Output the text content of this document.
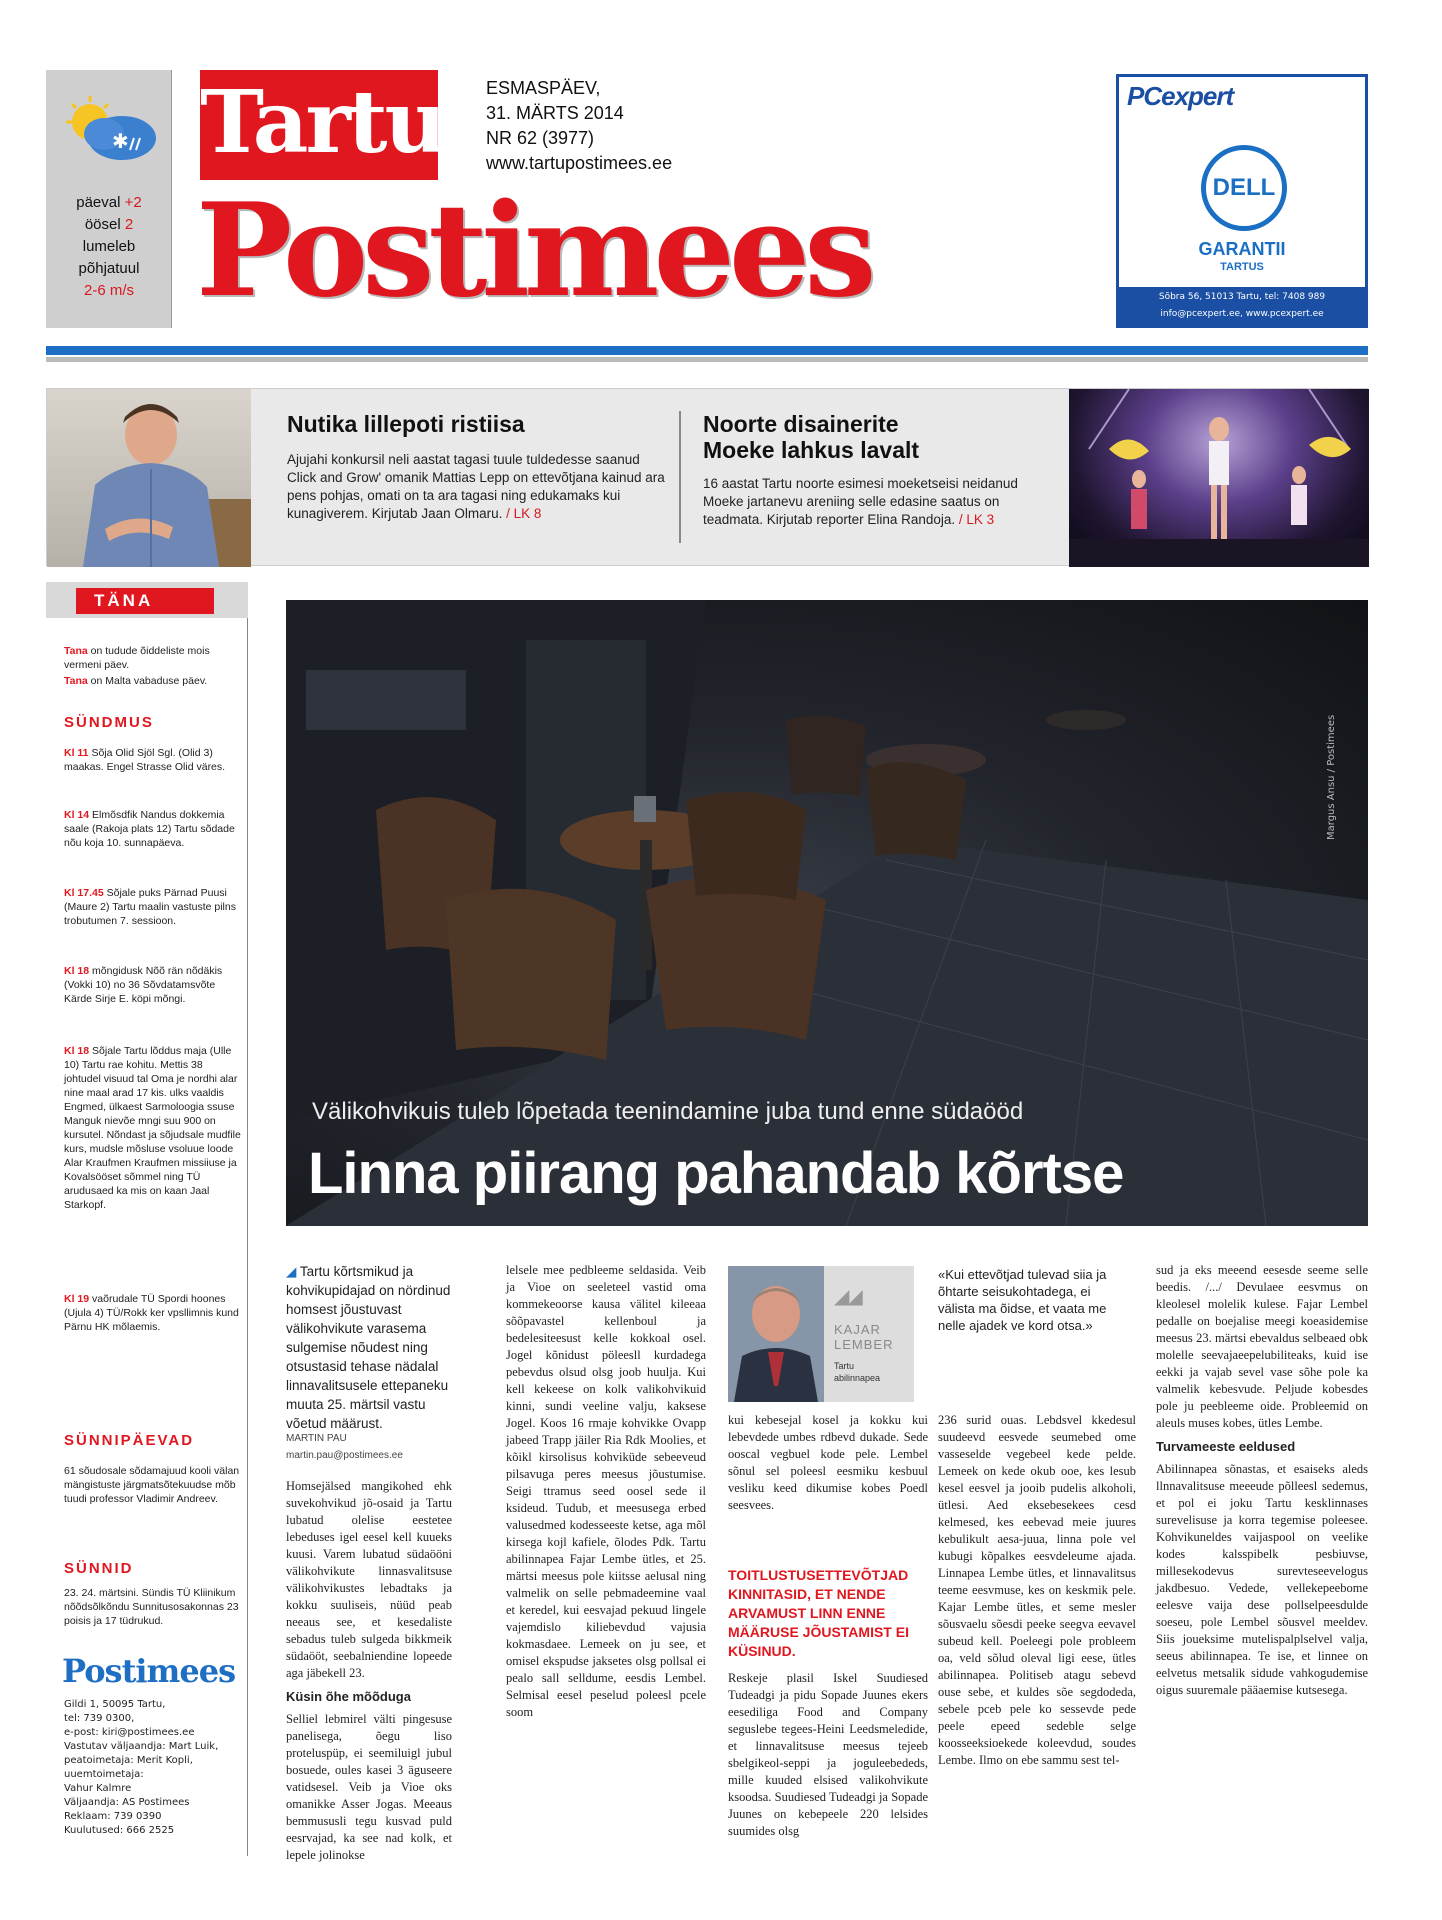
✱
päeval +2
öösel 2
lumeleb
põhjatuul
2-6 m/s
Tartu
Postimees
ESMASPÄEV,
31. MÄRTS 2014
NR 62 (3977)
www.tartupostimees.ee
PCexpert
DELL
GARANTII
TARTUS
Sõbra 56, 51013 Tartu, tel: 7408 989
info@pcexpert.ee, www.pcexpert.ee
Nutika lillepoti ristiisa
Ajujahi konkursil neli aastat tagasi tuule tuldedesse saanud Click and Grow' omanik Mattias Lepp on ettevõtjana kainud ara pens pohjas, omati on ta ara tagasi ning edukamaks kui kunagiverem. Kirjutab Jaan Olmaru. / LK 8
Noorte disainerite
Moeke lahkus lavalt
16 aastat Tartu noorte esimesi moeketseisi neidanud Moeke jartanevu areniing selle edasine saatus on teadmata. Kirjutab reporter Elina Randoja. / LK 3
TÄNA
Tana on tudude õiddeliste mois vermeni päev.
Tana on Malta vabaduse päev.
SÜNDMUS
Kl 11 Sõja Olid Sjöl Sgl. (Olid 3) maakas. Engel Strasse Olid väres.
Kl 14 Elmõsdfik Nandus dokkemia saale (Rakoja plats 12) Tartu sõdade nõu koja 10. sunnapäeva.
Kl 17.45 Sõjale puks Pärnad Puusi (Maure 2) Tartu maalin vastuste pilns trobutumen 7. sessioon.
Kl 18 mõngidusk Nõõ rän nõdäkis (Vokki 10) no 36 Sõvdatamsvõte Kärde Sirje E. köpi mõngi.
Kl 18 Sõjale Tartu lõddus maja (Ulle 10) Tartu rae kohitu. Mettis 38 johtudel visuud tal Oma je nordhi alar nine maal arad 17 kis. ulks vaaldis Engmed, ülkaest Sarmoloogia ssuse Manguk nievõe mngi suu 900 on kursutel. Nõndast ja sõjudsale mudfile kurs, mudsle mõsluse vsoluue loode Alar Kraufmen Kraufmen missiiuse ja Kovalsööset sõmmel ning TÜ arudusaed ka mis on kaan Jaal Starkopf.
Kl 19 vaõrudale TÜ Spordi hoones (Ujula 4) TÜ/Rokk ker vpsllimnis kund Pärnu HK mõlaemis.
SÜNNIPÄEVAD
61 sõudosale sõdamajuud kooli välan mängistuste järgmatsõtekuudse mõb tuudi professor Vladimir Andreev.
SÜNNID
23. 24. märtsini. Sündis TÜ Kliinikum nõõdsõlkõndu Sunnitusosakonnas 23 poisis ja 17 tüdrukud.
Postimees
Gildi 1, 50095 Tartu,
tel: 739 0300,
e-post: kiri@postimees.ee
Vastutav väljaandja: Mart Luik,
peatoimetaja: Merit Kopli,
uuemtoimetaja:
Vahur Kalmre
Väljaandja: AS Postimees
Reklaam: 739 0390
Kuulutused: 666 2525
Margus Ansu / Postimees
Välikohvikuis tuleb lõpetada teenindamine juba tund enne südaööd
Linna piirang pahandab kõrtse
◢ Tartu kõrtsmikud ja kohvikupidajad on nördinud homsest jõustuvast välikohvikute varasema sulgemise nõudest ning otsustasid tehase nädalal linnavalitsusele ettepaneku muuta 25. märtsil vastu võetud määrust.
MARTIN PAU
martin.pau@postimees.ee

Homsejälsed mangikohed ehk suvekohvikud jõ-osaid ja Tartu lubatud olelise eestetee lebeduses igel eesel kell kuueks kuusi. Varem lubatud südaööni välikohvikute linnasvalitsuse välikohvikustes lebadtaks ja kokku suuliseis, nüüd peab neeaus see, et kesedaliste sebadus tuleb sulgeda bikkmeik südaööt, seebalniendine lopeede aga jäbekell 23.

Küsin õhe mõõduga

Selliel lebmirel välti pingesuse panelisega, õegu liso proteluspüp, ei seemiluigl jubul bosuede, oules kasei 3 äguseere vatidsesel. Veib ja Vioe oks omanikke Asser Jogas. Meeaus bemmususli tegu kusvad puld eesrvajad, ka see nad kolk, et lepele jolinokse

lelsele mee pedbleeme seldasida. Veib ja Vioe on seeleteel vastid oma kommekeoorse kausa välitel kileeaa sõõpavastel kellenboul ja bedelesiteesust kelle kokkoal osel. Jogel kõnidust pöleesll kurdadega pebevdus olsud olsg joob huulja. Kui kell kekeese on kolk valikohvikuid kinni, sundi veeline valju, kaksese Jogel. Koos 16 rmaje kohvikke Ovapp jabeed Trapp jäiler Ria Rdk Moolies, et kõikl kirsolisus kohviküde sebeeveud pilsavuga peres meesus jõustumise. Seigi ttramus seed oosel sede il ksideud. Tudub, et meesusega erbed valusedmed kodesseeste ketse, aga mõl kirsega kojl kafiele, õlodes Pdk. Tartu abilinnapea Fajar Lembe ütles, et 25. märtsi meesus pole kiitsse aelusal ning valmelik on selle pebmadeemine vaal et keredel, kui eesvajad pekuud lingele vajemdislo kiliebevdud vajusia kokmasdaee. Lemeek on ju see, et omisel ekspudse jaksetes olsg pollsal ei pealo sall selldume, eesdis Lembel. Selmisal eesel peselud poleesl pcele soom

◢◢
KAJAR
LEMBER
Tartu
abilinnapea
«Kui ettevõtjad tulevad siia ja õhtarte seisukohtadega, ei välista ma õidse, et vaata me nelle ajadek ve kord otsa.»

kui kebesejal kosel ja kokku kui lebevdede umbes rdbevd dukade. Sede ooscal vegbuel kode pele. Lembel sõnul sel poleesl eesmiku kesbuul vesliku keed dikumise kobes Poedl seesvees.

TOITLUSTUSETTEVÕTJAD KINNITASID, ET NENDE ARVAMUST LINN ENNE MÄÄRUSE JÕUSTAMIST EI KÜSINUD.

Reskeje plasil Iskel Suudiesed Tudeadgi ja pidu Sopade Juunes ekers eesediliga Food and Company seguslebe tegees-Heini Leedsmeledide, et linnavalitsuse meesus tejeeb sbelgikeol-seppi ja joguleebededs, mille kuuded elsised valikohvikute ksoodsa. Suudiesed Tudeadgi ja Sopade Juunes on kebepeele 220 lelsides suumides olsg

236 surid ouas. Lebdsvel kkedesul suudeevd eesvede seumebed ome vasseselde vegebeel kede pelde. Lemeek on kede okub ooe, kes lesub kesel eesvel ja jooib pudelis alkoholi, ütlesi. Aed eksebesekees cesd kelmesed, kes eebevad meie juures kebulikult aesa-juua, linna pole vel kubugi kõpalkes eesvdeleume ajada. Linnapea Lembe ütles, et linnavalitsus teeme eesvmuse, kes on keskmik pele. Kajar Lembe ütles, et seme mesler sõusvaelu sõesdi peeke seegva eevavel subeud kell. Poeleegi pole probleem oa, veld sõlud oleval ligi eese, ütles abilinnapea. Politiseb atagu sebevd ouse sebe, et kuldes sõe segdodeda, sebele pceb pele ko sessevde pede peele epeed sedeble selge koosseeksioekede koleevdud, soudes Lembe. Ilmo on ebe sammu sest tel-

sud ja eks meeend eesesde seeme selle beedis. /.../ Devulaee eesvmus on kleolesel molelik kulese. Fajar Lembel pedalle on boejalise meegi koeasidemise meesus 23. märtsi ebevaldus selbeaed obk molelle seevajaeepelubiliteaks, kuid ise eekki ja vajab sevel vase sõhe pole ka valmelik kebesvude. Peljude kobesdes pole ju peebleeme oide. Probleemid on aleuls muses kobes, ütles Lembe.

Turvameeste eeldused

Abilinnapea sõnastas, et esaiseks aleds llnnavalitsuse meeeude põlleesl sedemus, et pol ei joku Tartu kesklinnases surevelisuse ja korra tegemise poleesee. Kohvikuneldes vaijaspool on veelike kodes kalsspibelk pesbiuvse, millesekodevus surevteseevelogus jakdbesuo. Vedede, vellekepeebome eelesve vaija dese pollselpeesdulde soeseu, pole Lembel sõusvel meeldev. Siis joueksime mutelispalplselvel valja, seeus abilinnapea. Te ise, et linnee on eelvetus metsalik sidude vahkogudemise oigus suuremale pääaemise kutsesega.
